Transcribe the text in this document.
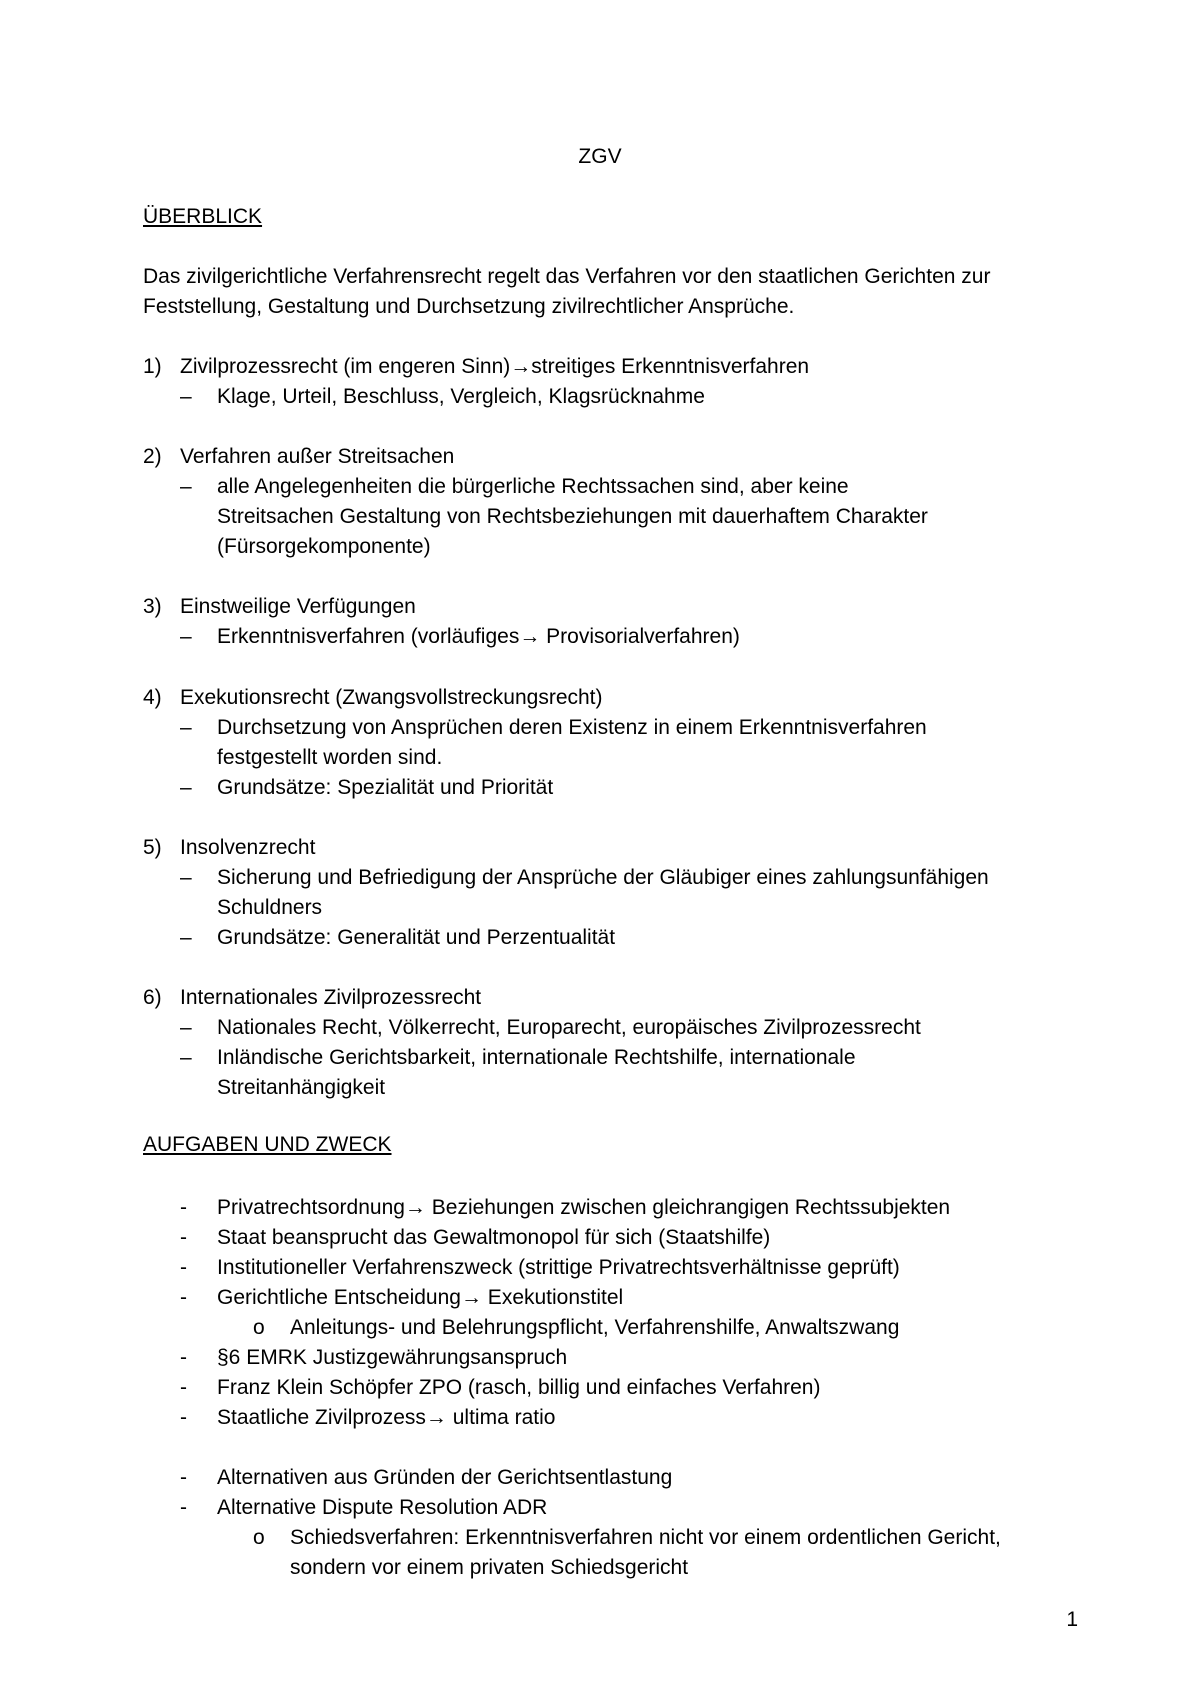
ZGV
ÜBERBLICK
Das zivilgerichtliche Verfahrensrecht regelt das Verfahren vor den staatlichen Gerichten zur Feststellung, Gestaltung und Durchsetzung zivilrechtlicher Ansprüche.
1) Zivilprozessrecht (im engeren Sinn)→streitiges Erkenntnisverfahren
–	Klage, Urteil, Beschluss, Vergleich, Klagsrücknahme
2) Verfahren außer Streitsachen
–	alle Angelegenheiten die bürgerliche Rechtssachen sind, aber keine Streitsachen Gestaltung von Rechtsbeziehungen mit dauerhaftem Charakter (Fürsorgekomponente)
3) Einstweilige Verfügungen
–	Erkenntnisverfahren (vorläufiges→ Provisorialverfahren)
4) Exekutionsrecht (Zwangsvollstreckungsrecht)
–	Durchsetzung von Ansprüchen deren Existenz in einem Erkenntnisverfahren festgestellt worden sind.
–	Grundsätze: Spezialität und Priorität
5) Insolvenzrecht
–	Sicherung und Befriedigung der Ansprüche der Gläubiger eines zahlungsunfähigen Schuldners
–	Grundsätze: Generalität und Perzentualität
6) Internationales Zivilprozessrecht
–	Nationales Recht, Völkerrecht, Europarecht, europäisches Zivilprozessrecht
–	Inländische Gerichtsbarkeit, internationale Rechtshilfe, internationale Streitanhängigkeit
AUFGABEN UND ZWECK
-	Privatrechtsordnung→ Beziehungen zwischen gleichrangigen Rechtssubjekten
-	Staat beansprucht das Gewaltmonopol für sich (Staatshilfe)
-	Institutioneller Verfahrenszweck (strittige Privatrechtsverhältnisse geprüft)
-	Gerichtliche Entscheidung→ Exekutionstitel
o	Anleitungs- und Belehrungspflicht, Verfahrenshilfe, Anwaltszwang
-	§6 EMRK Justizgewährungsanspruch
-	Franz Klein Schöpfer ZPO (rasch, billig und einfaches Verfahren)
-	Staatliche Zivilprozess→ ultima ratio
-	Alternativen aus Gründen der Gerichtsentlastung
-	Alternative Dispute Resolution ADR
o	Schiedsverfahren: Erkenntnisverfahren nicht vor einem ordentlichen Gericht, sondern vor einem privaten Schiedsgericht
1
